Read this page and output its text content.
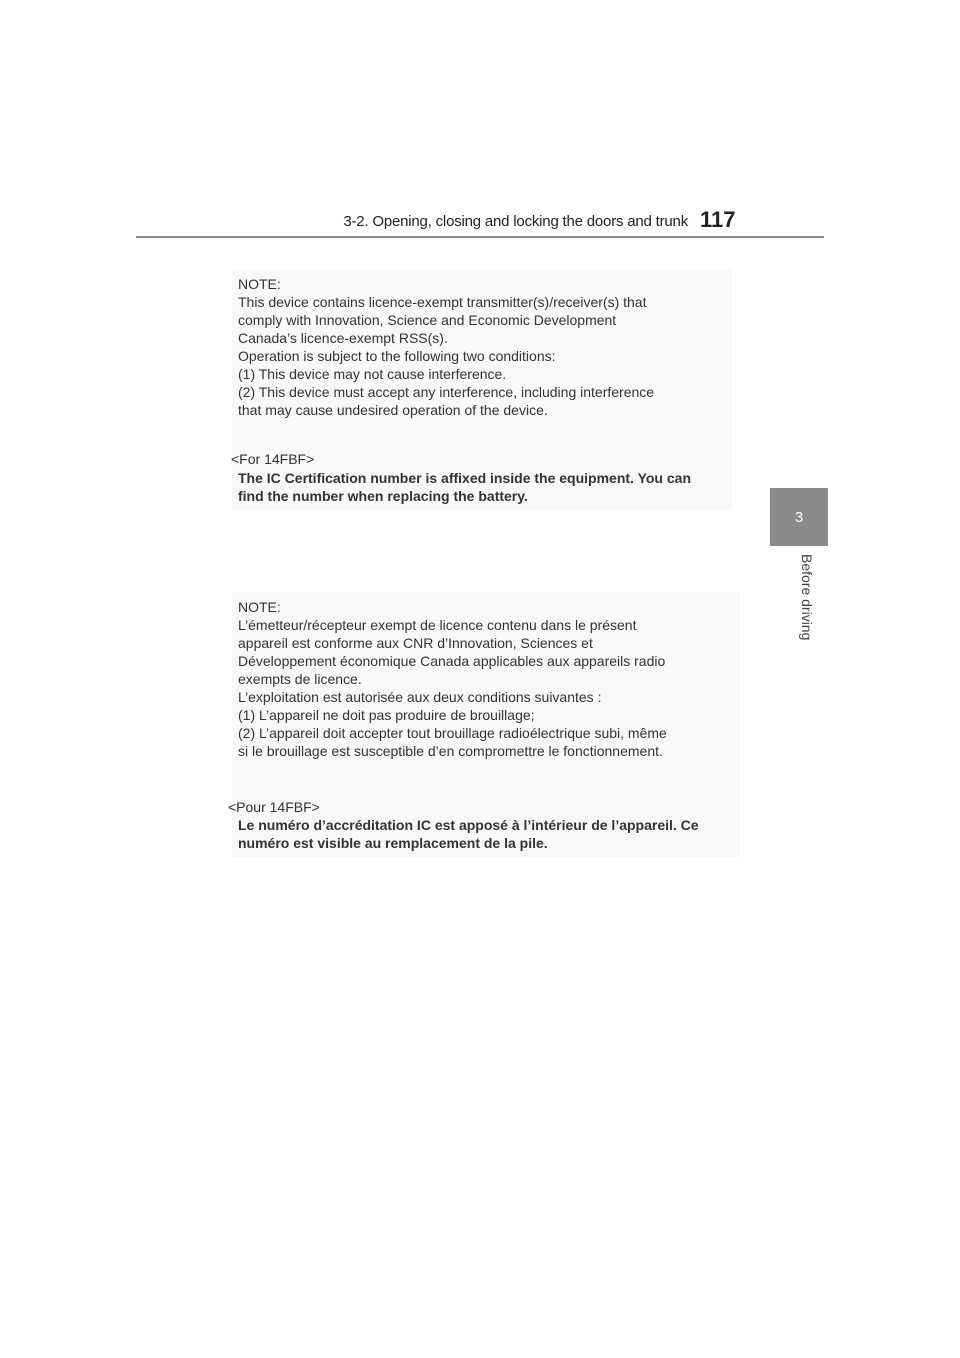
3-2. Opening, closing and locking the doors and trunk 117
3
Before driving
NOTE:
This device contains licence-exempt transmitter(s)/receiver(s) that
comply with Innovation, Science and Economic Development
Canada’s licence-exempt RSS(s).
Operation is subject to the following two conditions:
(1) This device may not cause interference.
(2) This device must accept any interference, including interference
that may cause undesired operation of the device.
<For 14FBF>
The IC Certification number is affixed inside the equipment. You can
find the number when replacing the battery.
NOTE:
L’émetteur/récepteur exempt de licence contenu dans le présent
appareil est conforme aux CNR d’Innovation, Sciences et
Développement économique Canada applicables aux appareils radio
exempts de licence.
L’exploitation est autorisée aux deux conditions suivantes :
(1) L’appareil ne doit pas produire de brouillage;
(2) L’appareil doit accepter tout brouillage radioélectrique subi, même
si le brouillage est susceptible d’en compromettre le fonctionnement.
<Pour 14FBF>
Le numéro d’accréditation IC est apposé à l’intérieur de l’appareil. Ce
numéro est visible au remplacement de la pile.
